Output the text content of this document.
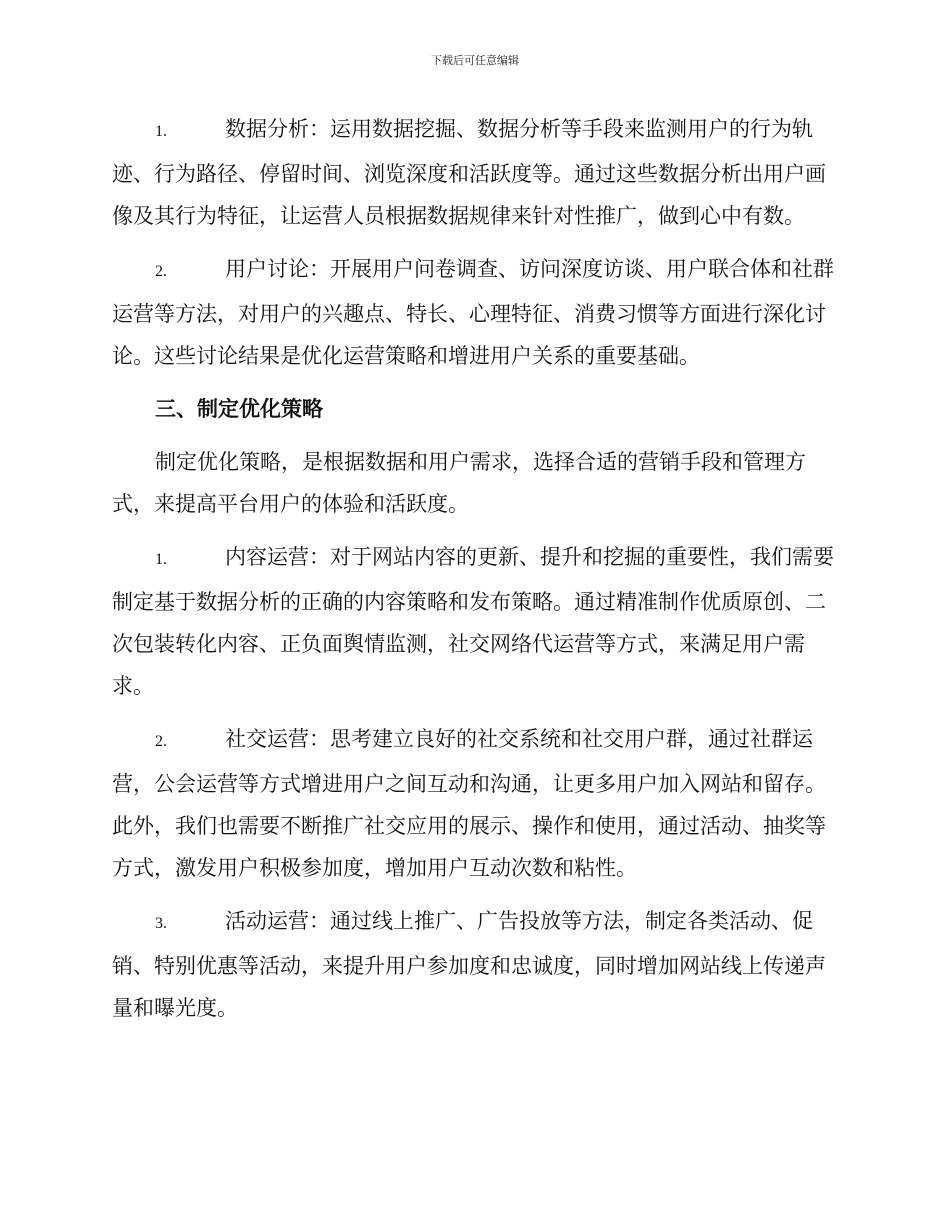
下载后可任意编辑

1.	数据分析：运用数据挖掘、数据分析等手段来监测用户的行为轨迹、行为路径、停留时间、浏览深度和活跃度等。通过这些数据分析出用户画像及其行为特征，让运营人员根据数据规律来针对性推广，做到心中有数。

2.	用户讨论：开展用户问卷调查、访问深度访谈、用户联合体和社群运营等方法，对用户的兴趣点、特长、心理特征、消费习惯等方面进行深化讨论。这些讨论结果是优化运营策略和增进用户关系的重要基础。

三、制定优化策略

制定优化策略，是根据数据和用户需求，选择合适的营销手段和管理方式，来提高平台用户的体验和活跃度。

1.	内容运营：对于网站内容的更新、提升和挖掘的重要性，我们需要制定基于数据分析的正确的内容策略和发布策略。通过精准制作优质原创、二次包装转化内容、正负面舆情监测，社交网络代运营等方式，来满足用户需求。

2.	社交运营：思考建立良好的社交系统和社交用户群，通过社群运营，公会运营等方式增进用户之间互动和沟通，让更多用户加入网站和留存。此外，我们也需要不断推广社交应用的展示、操作和使用，通过活动、抽奖等方式，激发用户积极参加度，增加用户互动次数和粘性。

3.	活动运营：通过线上推广、广告投放等方法，制定各类活动、促销、特别优惠等活动，来提升用户参加度和忠诚度，同时增加网站线上传递声量和曝光度。
